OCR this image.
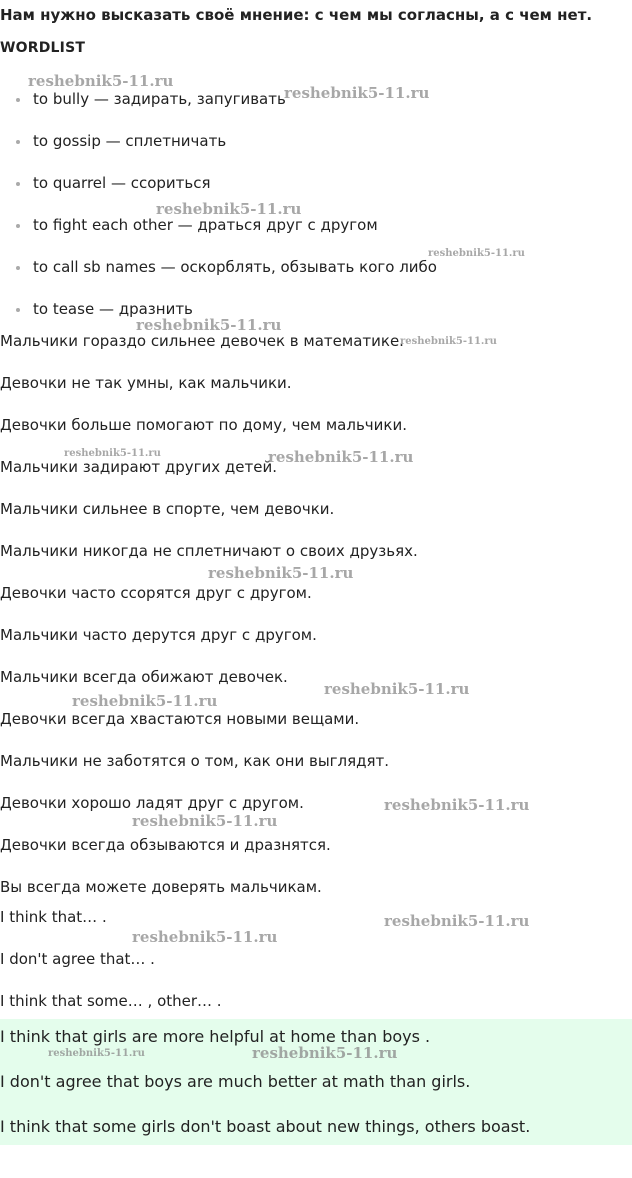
Нам нужно высказать своё мнение: с чем мы согласны, а с чем нет.

WORDLIST

to bully — задирать, запугивать
to gossip — сплетничать
to quarrel — ссориться
to fight each other — драться друг с другом
to call sb names — оскорблять, обзывать кого либо
to tease — дразнить

Мальчики гораздо сильнее девочек в математике.

Девочки не так умны, как мальчики.

Девочки больше помогают по дому, чем мальчики.

Мальчики задирают других детей.

Мальчики сильнее в спорте, чем девочки.

Мальчики никогда не сплетничают о своих друзьях.

Девочки часто ссорятся друг с другом.

Мальчики часто дерутся друг с другом.

Мальчики всегда обижают девочек.

Девочки всегда хвастаются новыми вещами.

Мальчики не заботятся о том, как они выглядят.

Девочки хорошо ладят друг с другом.

Девочки всегда обзываются и дразнятся.

Вы всегда можете доверять мальчикам.

I think that… .

I don't agree that… .

I think that some… , other… .

I think that girls are more helpful at home than boys .

I don't agree that boys are much better at math than girls.

I think that some girls don't boast about new things, others boast.

reshebnik5-11.ru
reshebnik5-11.ru
reshebnik5-11.ru
reshebnik5-11.ru
reshebnik5-11.ru
reshebnik5-11.ru
reshebnik5-11.ru	reshebnik5-11.ru
reshebnik5-11.ru
reshebnik5-11.ru
reshebnik5-11.ru
reshebnik5-11.ru
reshebnik5-11.ru
reshebnik5-11.ru
reshebnik5-11.ru
reshebnik5-11.ru	reshebnik5-11.ru
